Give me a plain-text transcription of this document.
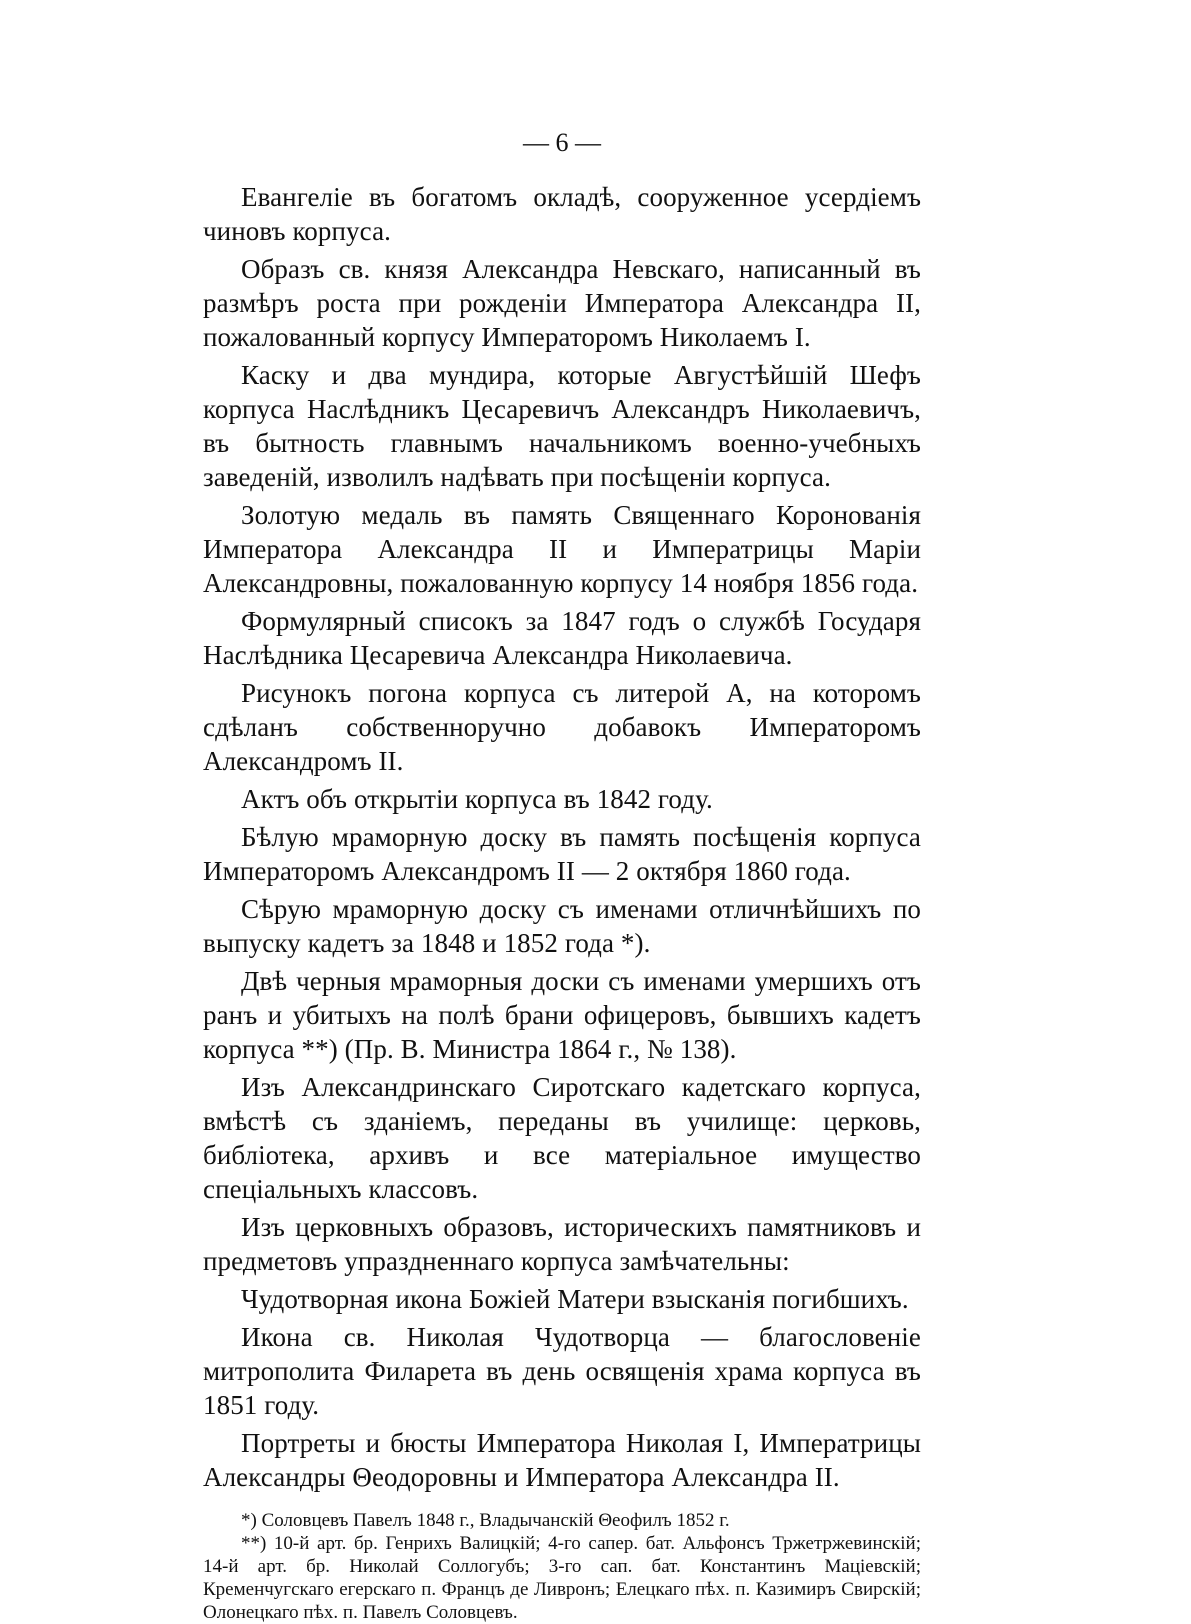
— 6 —

Евангеліе въ богатомъ окладѣ, сооруженное усердіемъ чиновъ корпуса.

Образъ св. князя Александра Невскаго, написанный въ размѣръ роста при рожденіи Императора Александра II, пожалованный корпусу Императоромъ Николаемъ I.

Каску и два мундира, которые Августѣйшій Шефъ корпуса Наслѣдникъ Цесаревичъ Александръ Николаевичъ, въ бытность главнымъ начальникомъ военно-учебныхъ заведеній, изволилъ надѣвать при посѣщеніи корпуса.

Золотую медаль въ память Священнаго Коронованія Императора Александра II и Императрицы Маріи Александровны, пожалованную корпусу 14 ноября 1856 года.

Формулярный списокъ за 1847 годъ о службѣ Государя Наслѣдника Цесаревича Александра Николаевича.

Рисунокъ погона корпуса съ литерой А, на которомъ сдѣланъ собственноручно добавокъ Императоромъ Александромъ II.

Актъ объ открытіи корпуса въ 1842 году.

Бѣлую мраморную доску въ память посѣщенія корпуса Императоромъ Александромъ II — 2 октября 1860 года.

Сѣрую мраморную доску съ именами отличнѣйшихъ по выпуску кадетъ за 1848 и 1852 года *).

Двѣ черныя мраморныя доски съ именами умершихъ отъ ранъ и убитыхъ на полѣ брани офицеровъ, бывшихъ кадетъ корпуса **) (Пр. В. Министра 1864 г., № 138).

Изъ Александринскаго Сиротскаго кадетскаго корпуса, вмѣстѣ съ зданіемъ, переданы въ училище: церковь, библіотека, архивъ и все матеріальное имущество спеціальныхъ классовъ.

Изъ церковныхъ образовъ, историческихъ памятниковъ и предметовъ упраздненнаго корпуса замѣчательны:

Чудотворная икона Божіей Матери взысканія погибшихъ.

Икона св. Николая Чудотворца — благословеніе митрополита Филарета въ день освященія храма корпуса въ 1851 году.

Портреты и бюсты Императора Николая I, Императрицы Александры Θеодоровны и Императора Александра II.

*) Соловцевъ Павелъ 1848 г., Владычанскій Θеофилъ 1852 г.

**) 10-й арт. бр. Генрихъ Валицкій; 4-го сапер. бат. Альфонсъ Тржетржевинскій; 14-й арт. бр. Николай Соллогубъ; 3-го сап. бат. Константинъ Маціевскій; Кременчугскаго егерскаго п. Францъ де Ливронъ; Елецкаго пѣх. п. Казимиръ Свирскій; Олонецкаго пѣх. п. Павелъ Соловцевъ.
